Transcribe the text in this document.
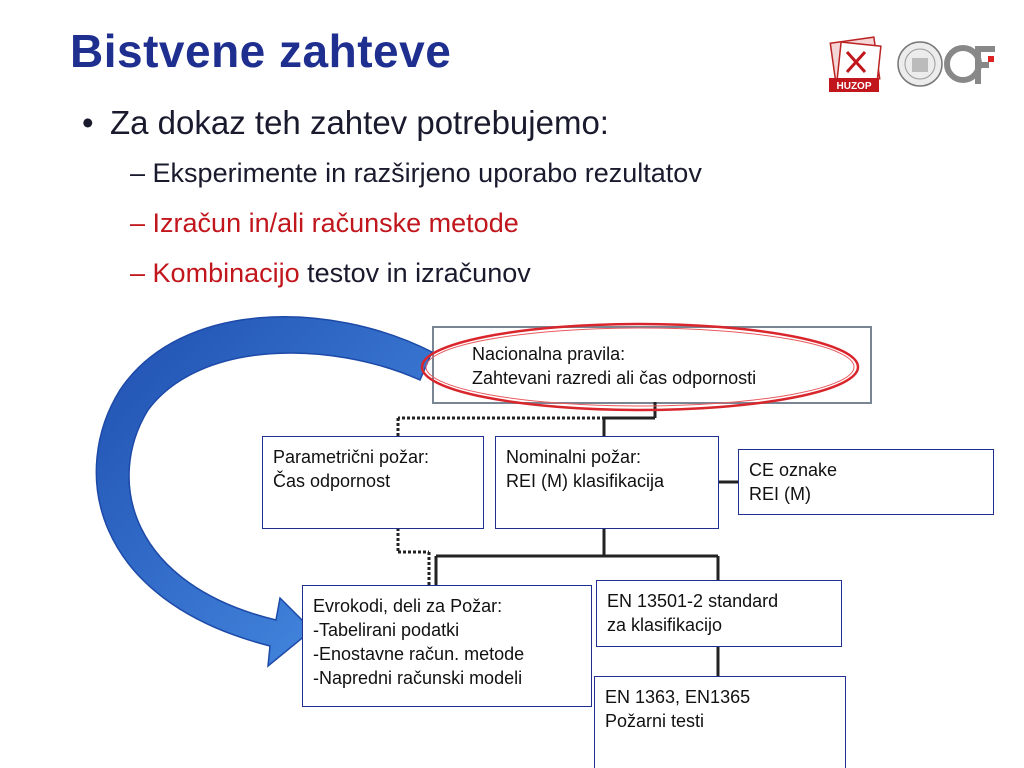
Bistvene zahteve
HUZOP
• Za dokaz teh zahtev potrebujemo:
– Eksperimente in razširjeno uporabo rezultatov
– Izračun in/ali računske metode
– Kombinacijo testov in izračunov
Nacionalna pravila:
Zahtevani razredi ali čas odpornosti
Parametrični požar:
Čas odpornost
Nominalni požar:
REI (M) klasifikacija
CE oznake
REI (M)
Evrokodi, deli za Požar:
-Tabelirani podatki
-Enostavne račun. metode
-Napredni računski modeli
EN 13501-2 standard
za klasifikacijo
EN 1363, EN1365
Požarni testi
